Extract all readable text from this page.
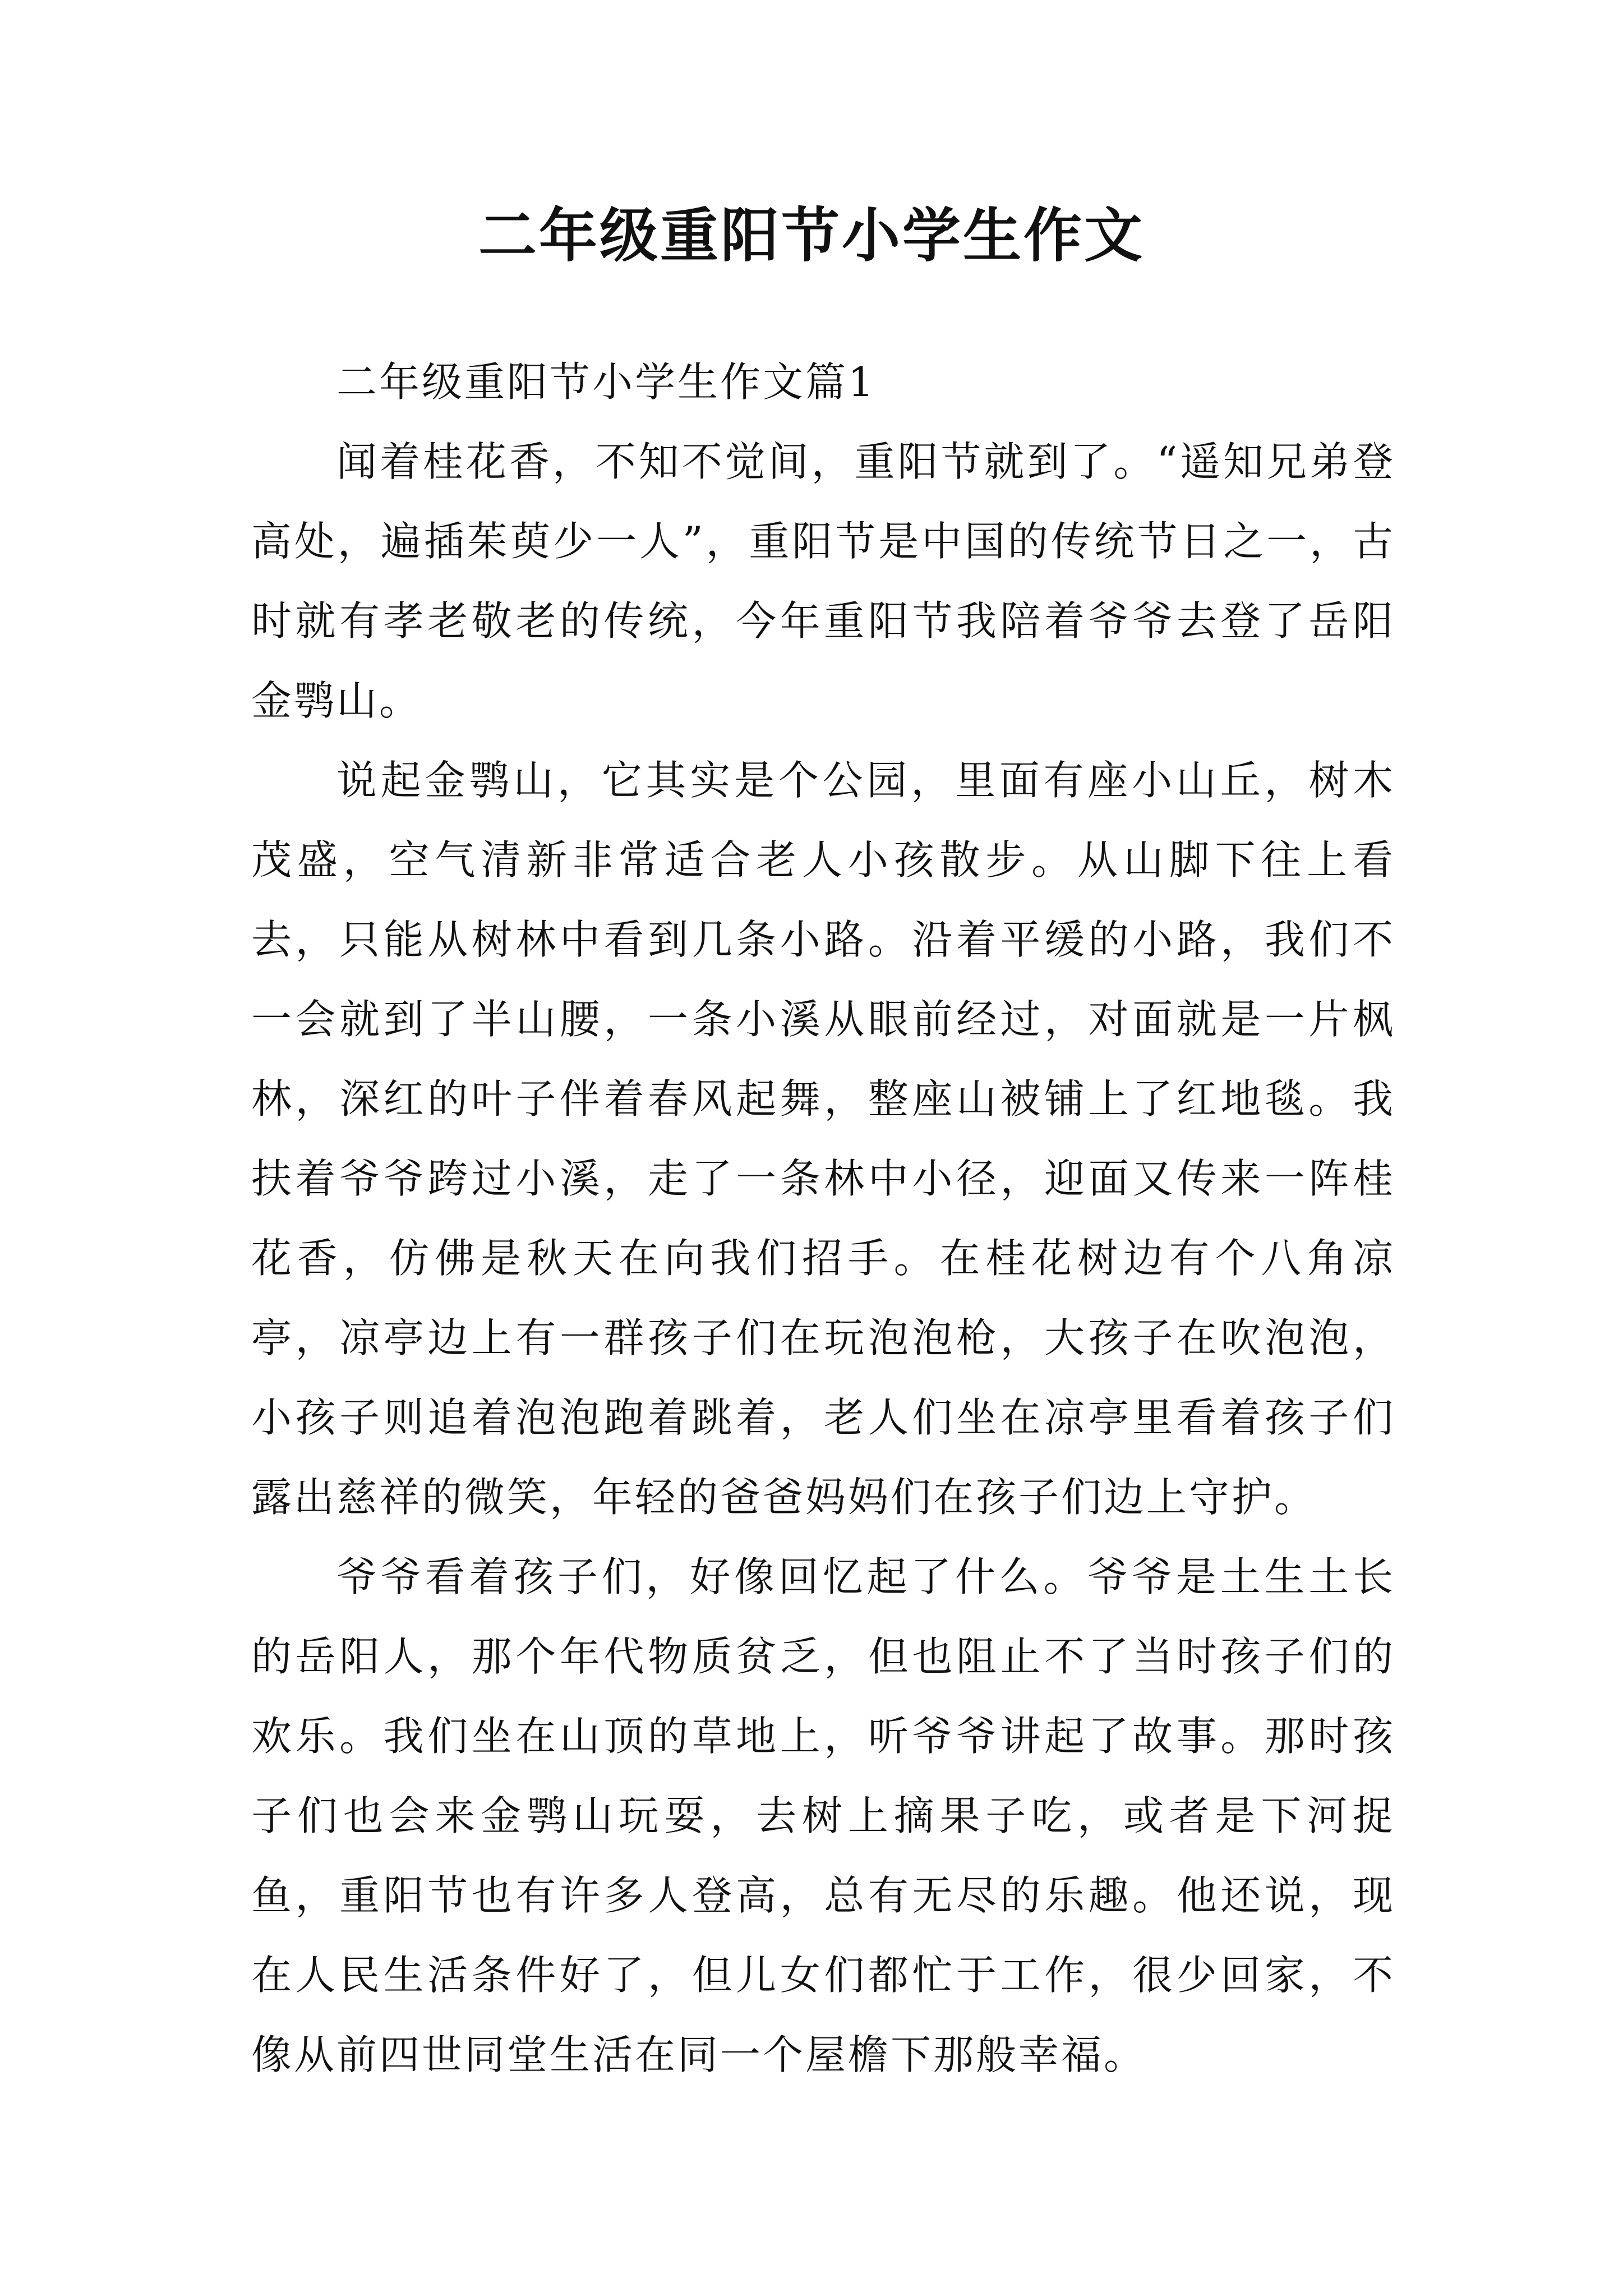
二年级重阳节小学生作文

二年级重阳节小学生作文篇1

闻着桂花香，不知不觉间，重阳节就到了。“遥知兄弟登高处，遍插茱萸少一人”，重阳节是中国的传统节日之一，古时就有孝老敬老的传统，今年重阳节我陪着爷爷去登了岳阳金鹗山。

说起金鹗山，它其实是个公园，里面有座小山丘，树木茂盛，空气清新非常适合老人小孩散步。从山脚下往上看去，只能从树林中看到几条小路。沿着平缓的小路，我们不一会就到了半山腰，一条小溪从眼前经过，对面就是一片枫林，深红的叶子伴着春风起舞，整座山被铺上了红地毯。我扶着爷爷跨过小溪，走了一条林中小径，迎面又传来一阵桂花香，仿佛是秋天在向我们招手。在桂花树边有个八角凉亭，凉亭边上有一群孩子们在玩泡泡枪，大孩子在吹泡泡，小孩子则追着泡泡跑着跳着，老人们坐在凉亭里看着孩子们露出慈祥的微笑，年轻的爸爸妈妈们在孩子们边上守护。

爷爷看着孩子们，好像回忆起了什么。爷爷是土生土长的岳阳人，那个年代物质贫乏，但也阻止不了当时孩子们的欢乐。我们坐在山顶的草地上，听爷爷讲起了故事。那时孩子们也会来金鹗山玩耍，去树上摘果子吃，或者是下河捉鱼，重阳节也有许多人登高，总有无尽的乐趣。他还说，现在人民生活条件好了，但儿女们都忙于工作，很少回家，不像从前四世同堂生活在同一个屋檐下那般幸福。
